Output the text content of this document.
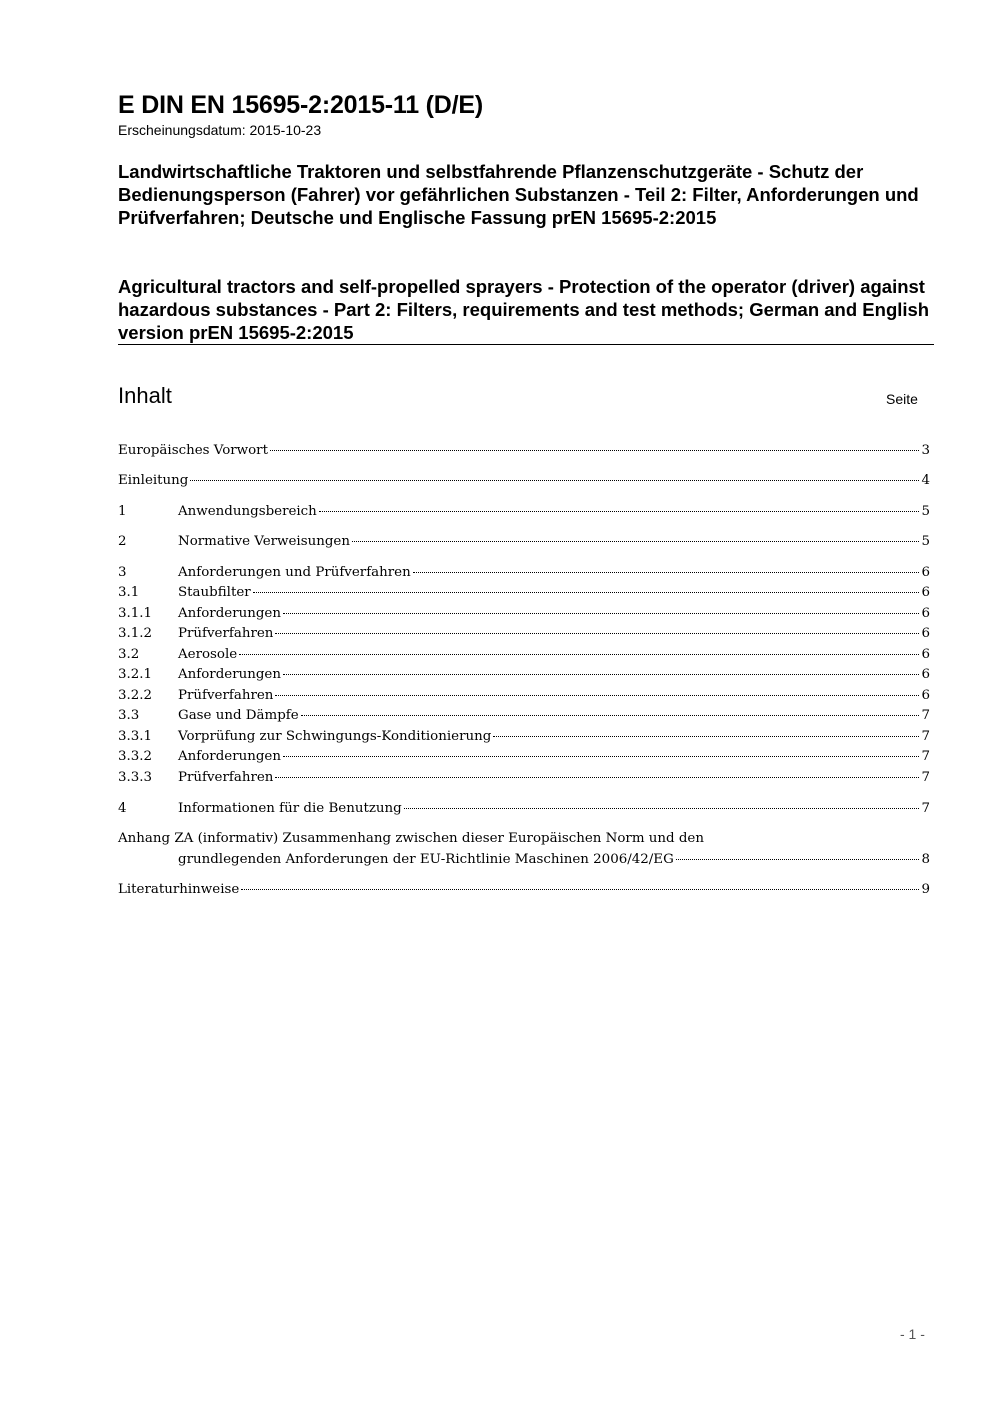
E DIN EN 15695-2:2015-11 (D/E)
Erscheinungsdatum: 2015-10-23
Landwirtschaftliche Traktoren und selbstfahrende Pflanzenschutzgeräte - Schutz der Bedienungsperson (Fahrer) vor gefährlichen Substanzen - Teil 2: Filter, Anforderungen und Prüfverfahren; Deutsche und Englische Fassung prEN 15695-2:2015
Agricultural tractors and self-propelled sprayers - Protection of the operator (driver) against hazardous substances - Part 2: Filters, requirements and test methods; German and English version prEN 15695-2:2015
Inhalt	Seite
Europäisches Vorwort	3
Einleitung	4
1	Anwendungsbereich	5
2	Normative Verweisungen	5
3	Anforderungen und Prüfverfahren	6
3.1	Staubfilter	6
3.1.1	Anforderungen	6
3.1.2	Prüfverfahren	6
3.2	Aerosole	6
3.2.1	Anforderungen	6
3.2.2	Prüfverfahren	6
3.3	Gase und Dämpfe	7
3.3.1	Vorprüfung zur Schwingungs-Konditionierung	7
3.3.2	Anforderungen	7
3.3.3	Prüfverfahren	7
4	Informationen für die Benutzung	7
Anhang ZA (informativ) Zusammenhang zwischen dieser Europäischen Norm und den
grundlegenden Anforderungen der EU-Richtlinie Maschinen 2006/42/EG	8
Literaturhinweise	9
- 1 -
